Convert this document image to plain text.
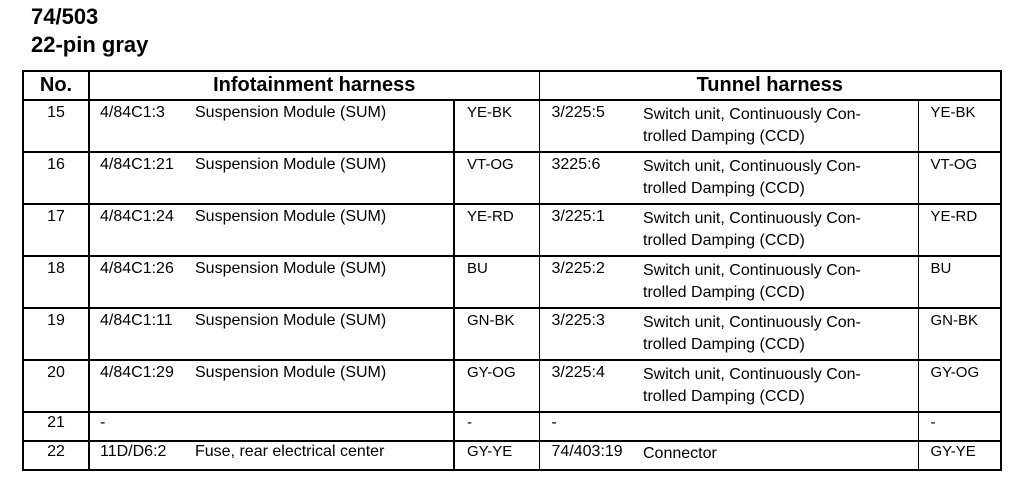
74/503
22-pin gray
No.	Infotainment harness			Tunnel harness		
15	4/84C1:3	Suspension Module (SUM)	YE-BK	3/225:5	Switch unit, Continuously Con-
trolled Damping (CCD)	YE-BK
16	4/84C1:21	Suspension Module (SUM)	VT-OG	3225:6	Switch unit, Continuously Con-
trolled Damping (CCD)	VT-OG
17	4/84C1:24	Suspension Module (SUM)	YE-RD	3/225:1	Switch unit, Continuously Con-
trolled Damping (CCD)	YE-RD
18	4/84C1:26	Suspension Module (SUM)	BU	3/225:2	Switch unit, Continuously Con-
trolled Damping (CCD)	BU
19	4/84C1:11	Suspension Module (SUM)	GN-BK	3/225:3	Switch unit, Continuously Con-
trolled Damping (CCD)	GN-BK
20	4/84C1:29	Suspension Module (SUM)	GY-OG	3/225:4	Switch unit, Continuously Con-
trolled Damping (CCD)	GY-OG
21	-		-	-		-
22	11D/D6:2	Fuse, rear electrical center	GY-YE	74/403:19	Connector	GY-YE
